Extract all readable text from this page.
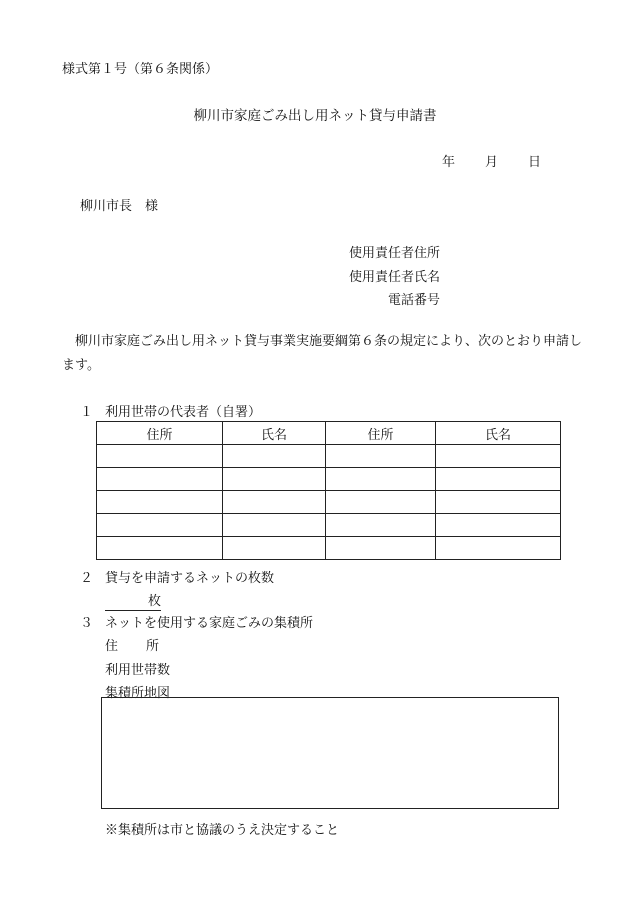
様式第１号（第６条関係）
柳川市家庭ごみ出し用ネット貸与申請書
年 月 日
柳川市長　様
使用責任者住所
使用責任者氏名
電話番号
柳川市家庭ごみ出し用ネット貸与事業実施要綱第６条の規定により、次のとおり申請します。
１ 利用世帯の代表者（自署）
住所	氏名	住所	氏名

２ 貸与を申請するネットの枚数
枚
３ ネットを使用する家庭ごみの集積所
住 所
利用世帯数
集積所地図
※集積所は市と協議のうえ決定すること
